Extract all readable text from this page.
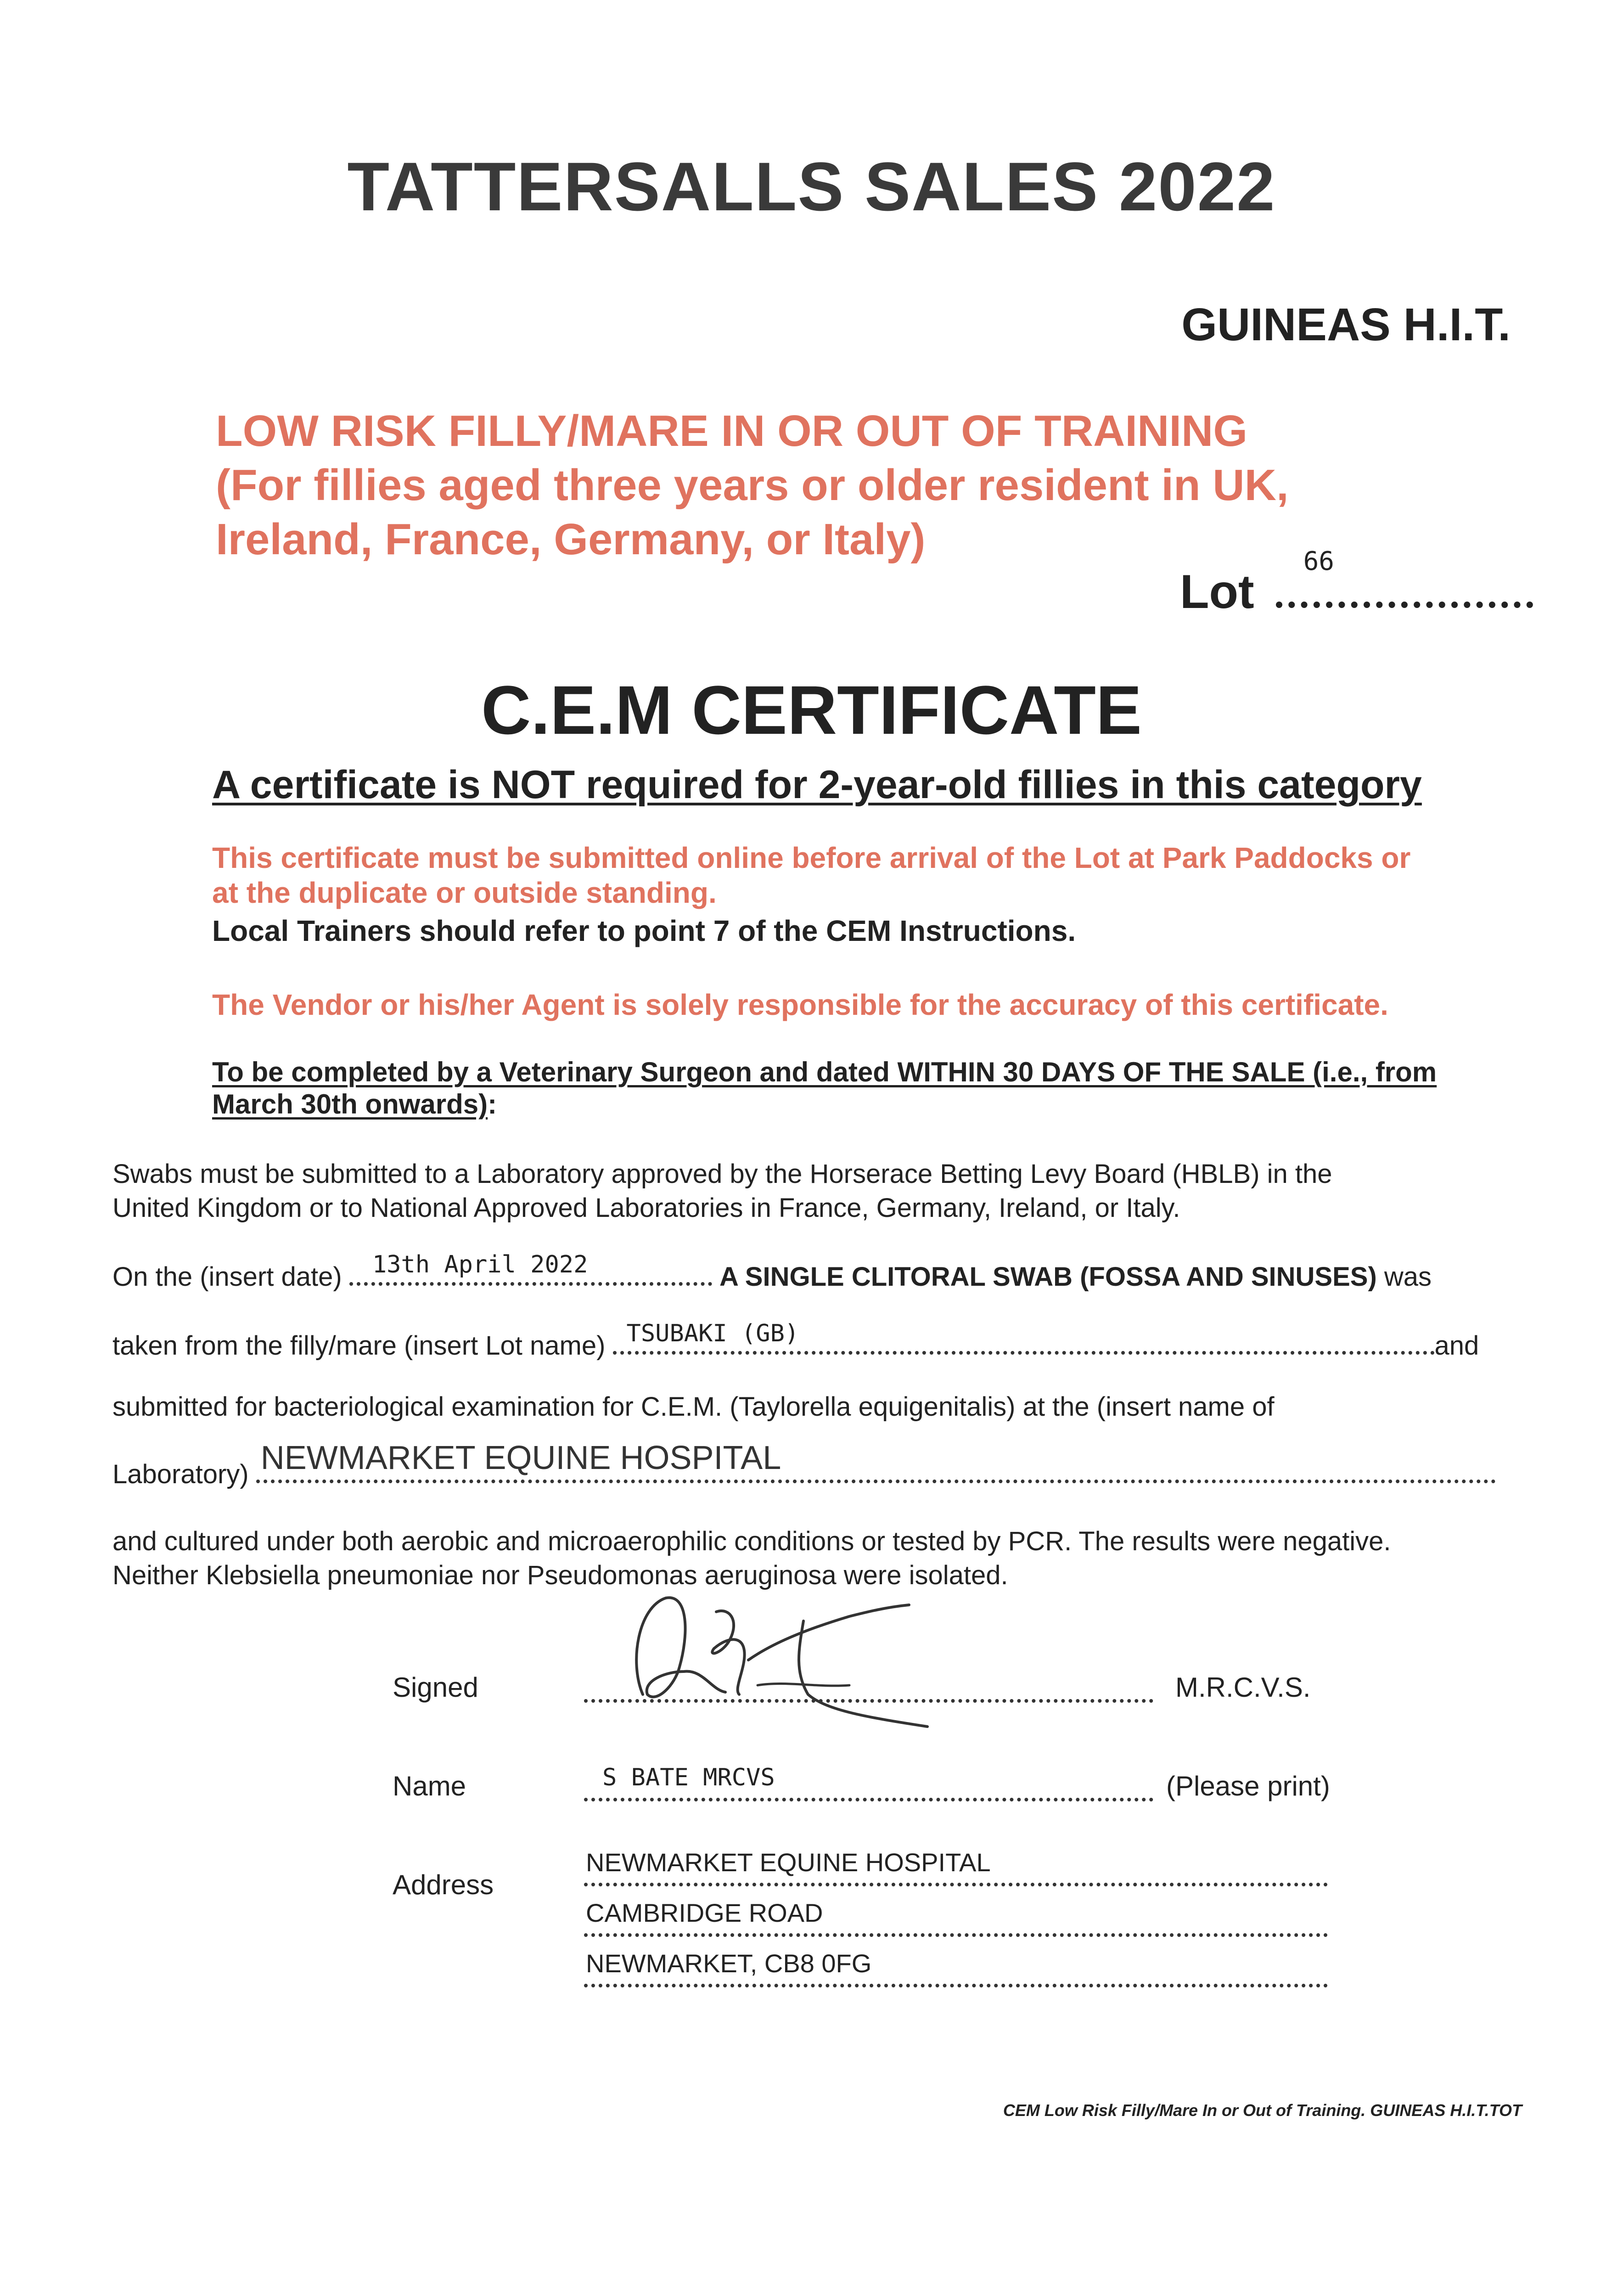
TATTERSALLS SALES 2022
GUINEAS H.I.T.
LOW RISK FILLY/MARE IN OR OUT OF TRAINING
(For fillies aged three years or older resident in UK,
Ireland, France, Germany, or Italy)
Lot
66
C.E.M CERTIFICATE
A certificate is NOT required for 2-year-old fillies in this category
This certificate must be submitted online before arrival of the Lot at Park Paddocks or
at the duplicate or outside standing.
Local Trainers should refer to point 7 of the CEM Instructions.
The Vendor or his/her Agent is solely responsible for the accuracy of this certificate.
To be completed by a Veterinary Surgeon and dated WITHIN 30 DAYS OF THE SALE (i.e., from
March 30th onwards):
Swabs must be submitted to a Laboratory approved by the Horserace Betting Levy Board (HBLB) in the
United Kingdom or to National Approved Laboratories in France, Germany, Ireland, or Italy.
On the (insert date) 13th April 2022	A SINGLE CLITORAL SWAB (FOSSA AND SINUSES) was
taken from the filly/mare (insert Lot name) TSUBAKI (GB)	and
submitted for bacteriological examination for C.E.M. (Taylorella equigenitalis) at the (insert name of
Laboratory) NEWMARKET EQUINE HOSPITAL
and cultured under both aerobic and microaerophilic conditions or tested by PCR. The results were negative.
Neither Klebsiella pneumoniae nor Pseudomonas aeruginosa were isolated.
Signed	M.R.C.V.S.
Name	S BATE MRCVS	(Please print)
Address
NEWMARKET EQUINE HOSPITAL
CAMBRIDGE ROAD
NEWMARKET, CB8 0FG
CEM Low Risk Filly/Mare In or Out of Training. GUINEAS H.I.T.TOT
